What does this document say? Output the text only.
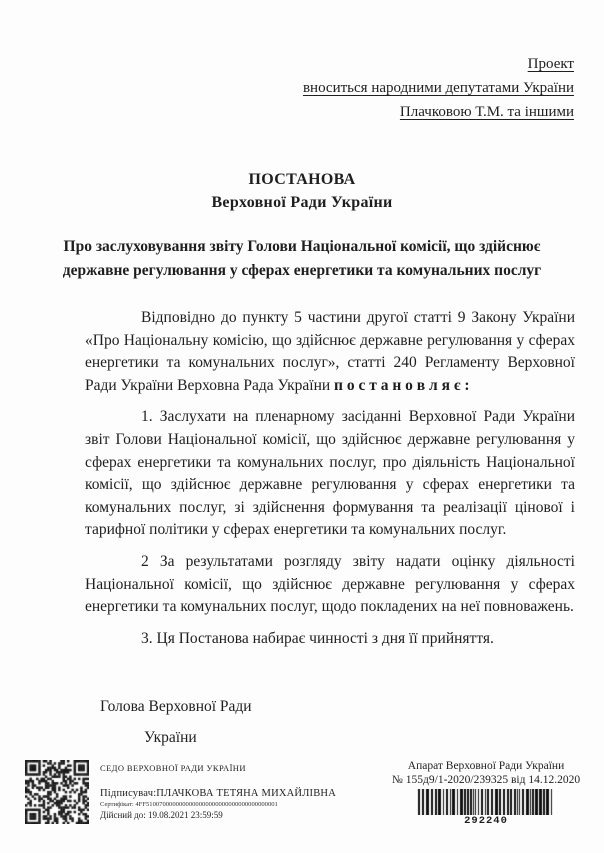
Проект
вноситься народними депутатами України
Плачковою Т.М. та іншими
ПОСТАНОВА
Верховної Ради України
Про заслуховування звіту Голови Національної комісії, що здійснює державне регулювання у сферах енергетики та комунальних послуг

Відповідно до пункту 5 частини другої статті 9 Закону України «Про Національну комісію, що здійснює державне регулювання у сферах енергетики та комунальних послуг», статті 240 Регламенту Верховної Ради України Верховна Рада України п о с т а н о в л я є :

1. Заслухати на пленарному засіданні Верховної Ради України звіт Голови Національної комісії, що здійснює державне регулювання у сферах енергетики та комунальних послуг, про діяльність Національної комісії, що здійснює державне регулювання у сферах енергетики та комунальних послуг, зі здійснення формування та реалізації цінової і тарифної політики у сферах енергетики та комунальних послуг.

2 За результатами розгляду звіту надати оцінку діяльності Національної комісії, що здійснює державне регулювання у сферах енергетики та комунальних послуг, щодо покладених на неї повноважень.

3. Ця Постанова набирає чинності з дня її прийняття.

Голова Верховної Ради
України
СЕДО ВЕРХОВНОЇ РАДИ УКРАЇНИ
Підписувач:ПЛАЧКОВА ТЕТЯНА МИХАЙЛІВНА
Сертифікат: 4FF5100700000000000000000000000000000000001
Дійсний до: 19.08.2021 23:59:59
Апарат Верховної Ради України
№ 155д9/1-2020/239325 від 14.12.2020
292240
